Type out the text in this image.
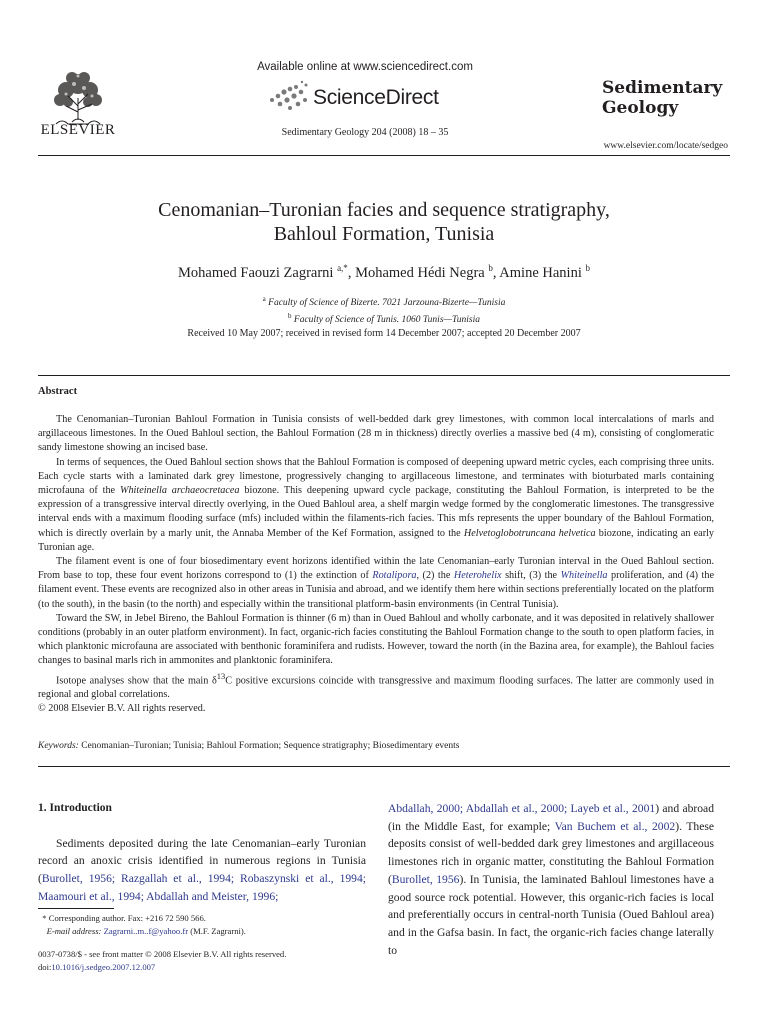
ELSEVIER
Available online at www.sciencedirect.com
ScienceDirect
Sedimentary Geology 204 (2008) 18 – 35
Sedimentary
Geology
www.elsevier.com/locate/sedgeo
Cenomanian–Turonian facies and sequence stratigraphy,
Bahloul Formation, Tunisia
Mohamed Faouzi Zagrarni $^{a,*}$, Mohamed Hédi Negra $^b$, Amine Hanini $^b$
$^a$ Faculty of Science of Bizerte. 7021 Jarzouna-Bizerte—Tunisia
$^b$ Faculty of Science of Tunis. 1060 Tunis—Tunisia
Received 10 May 2007; received in revised form 14 December 2007; accepted 20 December 2007
Abstract

The Cenomanian–Turonian Bahloul Formation in Tunisia consists of well-bedded dark grey limestones, with common local intercalations of marls and argillaceous limestones. In the Oued Bahloul section, the Bahloul Formation (28 m in thickness) directly overlies a massive bed (4 m), consisting of conglomeratic sandy limestone showing an incised base.

In terms of sequences, the Oued Bahloul section shows that the Bahloul Formation is composed of deepening upward metric cycles, each comprising three units. Each cycle starts with a laminated dark grey limestone, progressively changing to argillaceous limestone, and terminates with bioturbated marls containing microfauna of the Whiteinella archaeocretacea biozone. This deepening upward cycle package, constituting the Bahloul Formation, is interpreted to be the expression of a transgressive interval directly overlying, in the Oued Bahloul area, a shelf margin wedge formed by the conglomeratic limestones. The transgressive interval ends with a maximum flooding surface (mfs) included within the filaments-rich facies. This mfs represents the upper boundary of the Bahloul Formation, which is directly overlain by a marly unit, the Annaba Member of the Kef Formation, assigned to the Helvetoglobotruncana helvetica biozone, indicating an early Turonian age.

The filament event is one of four biosedimentary event horizons identified within the late Cenomanian–early Turonian interval in the Oued Bahloul section. From base to top, these four event horizons correspond to (1) the extinction of Rotalipora, (2) the Heterohelix shift, (3) the Whiteinella proliferation, and (4) the filament event. These events are recognized also in other areas in Tunisia and abroad, and we identify them here within sections preferentially located on the platform (to the south), in the basin (to the north) and especially within the transitional platform-basin environments (in Central Tunisia).

Toward the SW, in Jebel Bireno, the Bahloul Formation is thinner (6 m) than in Oued Bahloul and wholly carbonate, and it was deposited in relatively shallower conditions (probably in an outer platform environment). In fact, organic-rich facies constituting the Bahloul Formation change to the south to open platform facies, in which planktonic microfauna are associated with benthonic foraminifera and rudists. However, toward the north (in the Bazina area, for example), the Bahloul facies changes to basinal marls rich in ammonites and planktonic foraminifera.

Isotope analyses show that the main $\delta^{13}C$ positive excursions coincide with transgressive and maximum flooding surfaces. The latter are commonly used in regional and global correlations.

© 2008 Elsevier B.V. All rights reserved.

Keywords: Cenomanian–Turonian; Tunisia; Bahloul Formation; Sequence stratigraphy; Biosedimentary events
1. Introduction

Sediments deposited during the late Cenomanian–early Turonian record an anoxic crisis identified in numerous regions in Tunisia (Burollet, 1956; Razgallah et al., 1994; Robaszynski et al., 1994; Maamouri et al., 1994; Abdallah and Meister, 1996;

* Corresponding author. Fax: +216 72 590 566.
E-mail address: Zagrarni..m..f@yahoo.fr (M.F. Zagrarni).
0037-0738/$ - see front matter © 2008 Elsevier B.V. All rights reserved.
doi:10.1016/j.sedgeo.2007.12.007

Abdallah, 2000; Abdallah et al., 2000; Layeb et al., 2001) and abroad (in the Middle East, for example; Van Buchem et al., 2002). These deposits consist of well-bedded dark grey limestones and argillaceous limestones rich in organic matter, constituting the Bahloul Formation (Burollet, 1956). In Tunisia, the laminated Bahloul limestones have a good source rock potential. However, this organic-rich facies is local and preferentially occurs in central-north Tunisia (Oued Bahloul area) and in the Gafsa basin. In fact, the organic-rich facies change laterally to
